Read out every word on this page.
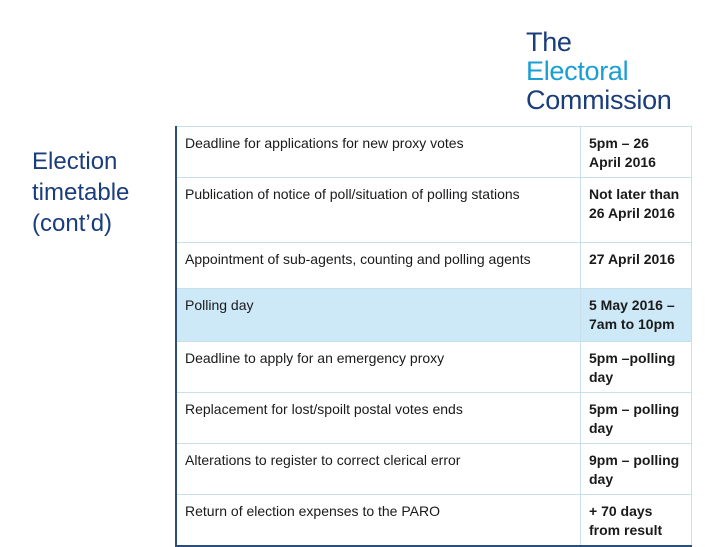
The
Electoral
Commission
Election
timetable
(cont’d)
Deadline for applications for new proxy votes	5pm – 26 April 2016
Publication of notice of poll/situation of polling stations	Not later than 26 April 2016
Appointment of sub-agents, counting and polling agents	27 April 2016
Polling day	5 May 2016 – 7am to 10pm
Deadline to apply for an emergency proxy	5pm –polling day
Replacement for lost/spoilt postal votes ends	5pm – polling day
Alterations to register to correct clerical error	9pm – polling day
Return of election expenses to the PARO	+ 70 days from result
